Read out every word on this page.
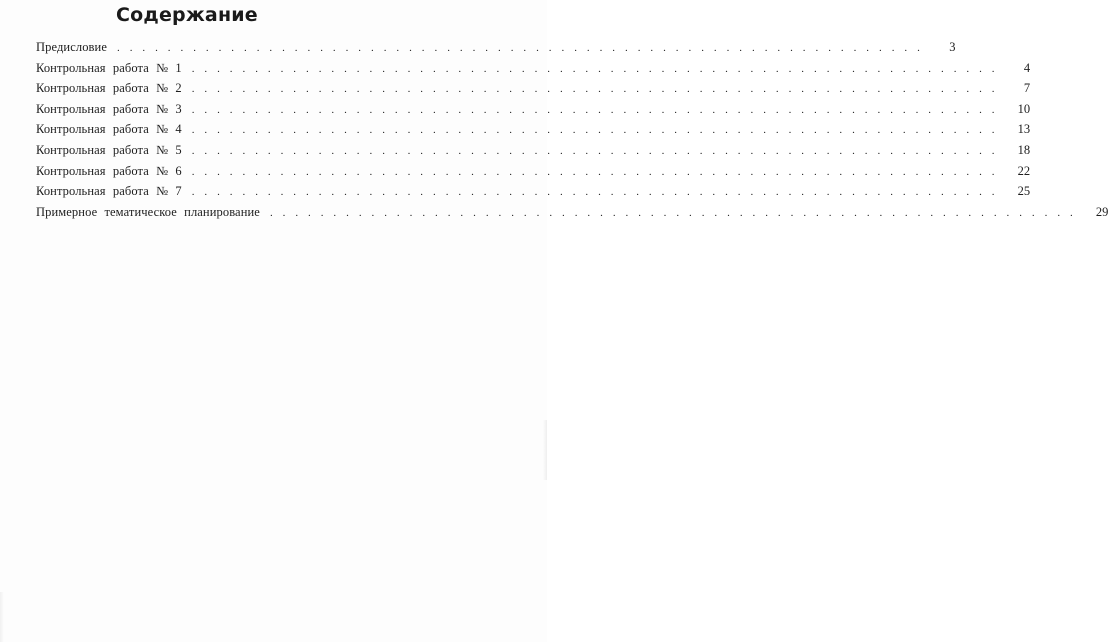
Содержание
Предисловие . . . . . . . . . . . . . . . . . . . . . . . . . . . . . . . . . . . . . . . . . . . . . . . . . . . . . . . . . . . . . . . .	3
Контрольная работа № 1 . . . . . . . . . . . . . . . . . . . . . . . . . . . . . . . . . . . . . . . . . . . . . . . . . . . . . . . . . . . . . . . .	4
Контрольная работа № 2 . . . . . . . . . . . . . . . . . . . . . . . . . . . . . . . . . . . . . . . . . . . . . . . . . . . . . . . . . . . . . . . .	7
Контрольная работа № 3 . . . . . . . . . . . . . . . . . . . . . . . . . . . . . . . . . . . . . . . . . . . . . . . . . . . . . . . . . . . . . . . .	10
Контрольная работа № 4 . . . . . . . . . . . . . . . . . . . . . . . . . . . . . . . . . . . . . . . . . . . . . . . . . . . . . . . . . . . . . . . .	13
Контрольная работа № 5 . . . . . . . . . . . . . . . . . . . . . . . . . . . . . . . . . . . . . . . . . . . . . . . . . . . . . . . . . . . . . . . .	18
Контрольная работа № 6 . . . . . . . . . . . . . . . . . . . . . . . . . . . . . . . . . . . . . . . . . . . . . . . . . . . . . . . . . . . . . . . .	22
Контрольная работа № 7 . . . . . . . . . . . . . . . . . . . . . . . . . . . . . . . . . . . . . . . . . . . . . . . . . . . . . . . . . . . . . . . .	25
Примерное тематическое планирование . . . . . . . . . . . . . . . . . . . . . . . . . . . . . . . . . . . . . . . . . . . . . . . . . . . . . . . . . . . . . . . .	29
